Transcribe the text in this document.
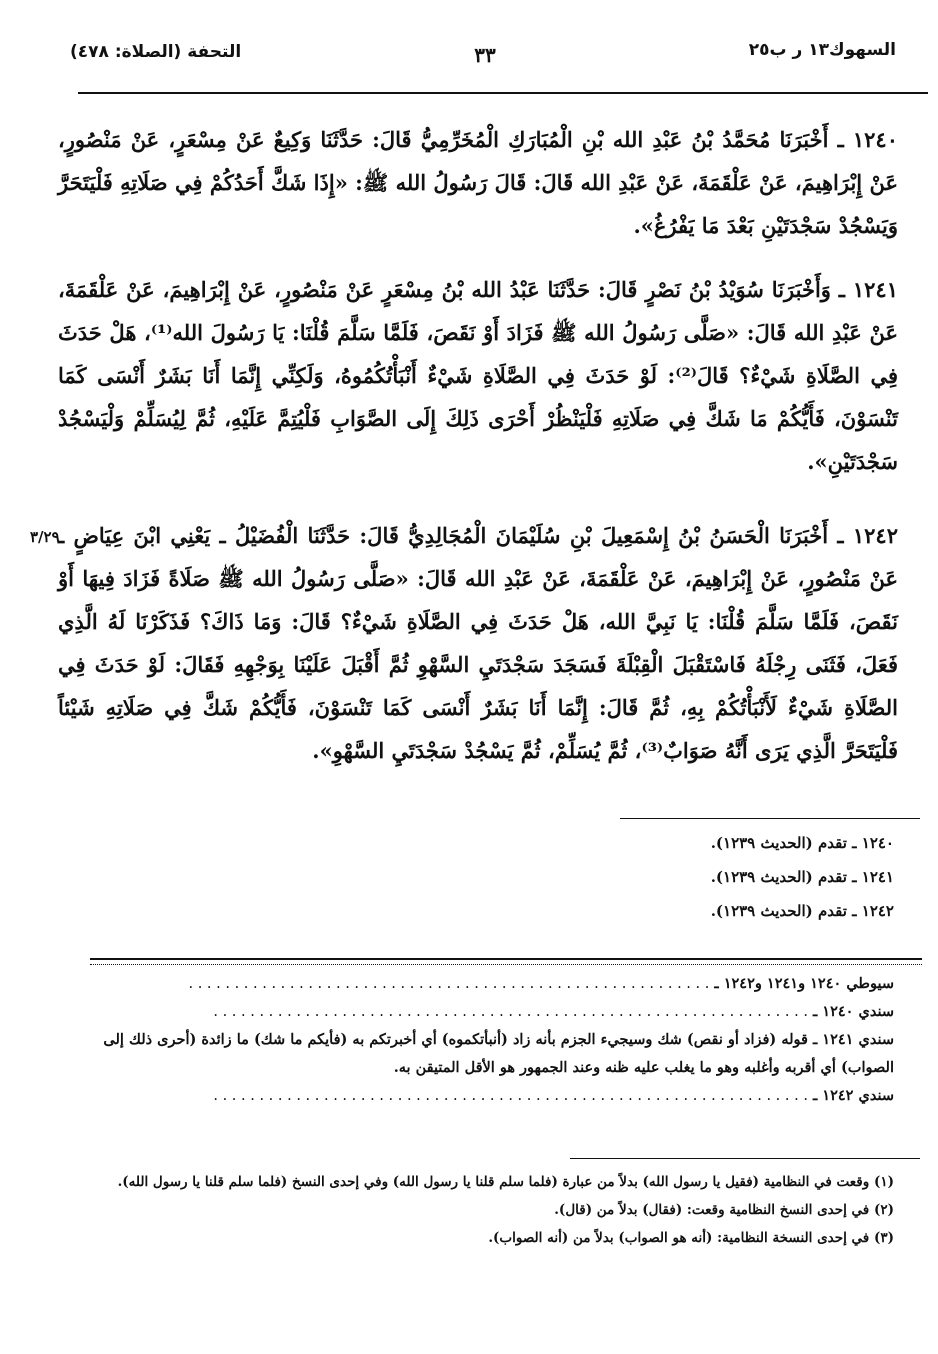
السهوك١٣ ر ب٢٥
٣٣
التحفة (الصلاة: ٤٧٨)
١٢٤٠ ـ أَخْبَرَنَا مُحَمَّدُ بْنُ عَبْدِ الله بْنِ الْمُبَارَكِ الْمُخَرِّمِيُّ قَالَ: حَدَّثَنَا وَكِيعٌ عَنْ مِسْعَرٍ، عَنْ مَنْصُورٍ، عَنْ إِبْرَاهِيمَ، عَنْ عَلْقَمَةَ، عَنْ عَبْدِ الله قَالَ: قَالَ رَسُولُ الله ﷺ: «إِذَا شَكَّ أَحَدُكُمْ فِي صَلَاتِهِ فَلْيَتَحَرَّ وَيَسْجُدْ سَجْدَتَيْنِ بَعْدَ مَا يَفْرُغُ».
١٢٤١ ـ وَأَخْبَرَنَا سُوَيْدُ بْنُ نَصْرٍ قَالَ: حَدَّثَنَا عَبْدُ الله بْنُ مِسْعَرٍ عَنْ مَنْصُورٍ، عَنْ إِبْرَاهِيمَ، عَنْ عَلْقَمَةَ، عَنْ عَبْدِ الله قَالَ: «صَلَّى رَسُولُ الله ﷺ فَزَادَ أَوْ نَقَصَ، فَلَمَّا سَلَّمَ قُلْنَا: يَا رَسُولَ الله⁽¹⁾، هَلْ حَدَثَ فِي الصَّلَاةِ شَيْءٌ؟ قَالَ⁽²⁾: لَوْ حَدَثَ فِي الصَّلَاةِ شَيْءٌ أَنْبَأْتُكُمُوهُ، وَلَكِنِّي إِنَّمَا أَنَا بَشَرٌ أَنْسَى كَمَا تَنْسَوْنَ، فَأَيُّكُمْ مَا شَكَّ فِي صَلَاتِهِ فَلْيَنْظُرْ أَحْرَى ذَلِكَ إِلَى الصَّوَابِ فَلْيُتِمَّ عَلَيْهِ، ثُمَّ لِيُسَلِّمْ وَلْيَسْجُدْ سَجْدَتَيْنِ».
٣/٢٩	١٢٤٢ ـ أَخْبَرَنَا الْحَسَنُ بْنُ إِسْمَعِيلَ بْنِ سُلَيْمَانَ الْمُجَالِدِيُّ قَالَ: حَدَّثَنَا الْفُضَيْلُ ـ يَعْنِي ابْنَ عِيَاضٍ ـ عَنْ مَنْصُورٍ، عَنْ إِبْرَاهِيمَ، عَنْ عَلْقَمَةَ، عَنْ عَبْدِ الله قَالَ: «صَلَّى رَسُولُ الله ﷺ صَلَاةً فَزَادَ فِيهَا أَوْ نَقَصَ، فَلَمَّا سَلَّمَ قُلْنَا: يَا نَبِيَّ الله، هَلْ حَدَثَ فِي الصَّلَاةِ شَيْءٌ؟ قَالَ: وَمَا ذَاكَ؟ فَذَكَرْنَا لَهُ الَّذِي فَعَلَ، فَثَنَى رِجْلَهُ فَاسْتَقْبَلَ الْقِبْلَةَ فَسَجَدَ سَجْدَتَيِ السَّهْوِ ثُمَّ أَقْبَلَ عَلَيْنَا بِوَجْهِهِ فَقَالَ: لَوْ حَدَثَ فِي الصَّلَاةِ شَيْءٌ لَأَنْبَأْتُكُمْ بِهِ، ثُمَّ قَالَ: إِنَّمَا أَنَا بَشَرٌ أَنْسَى كَمَا تَنْسَوْنَ، فَأَيُّكُمْ شَكَّ فِي صَلَاتِهِ شَيْئاً فَلْيَتَحَرَّ الَّذِي يَرَى أَنَّهُ صَوَابٌ⁽³⁾، ثُمَّ يُسَلِّمْ، ثُمَّ يَسْجُدْ سَجْدَتَيِ السَّهْوِ».
١٢٤٠ ـ تقدم (الحديث ١٢٣٩).
١٢٤١ ـ تقدم (الحديث ١٢٣٩).
١٢٤٢ ـ تقدم (الحديث ١٢٣٩).
سيوطي ١٢٤٠ و١٢٤١ و١٢٤٢ ـ . . . . . . . . . . . . . . . . . . . . . . . . . . . . . . . . . . . . . . . . . . . . . . . . . . . . . . . . .
سندي ١٢٤٠ ـ . . . . . . . . . . . . . . . . . . . . . . . . . . . . . . . . . . . . . . . . . . . . . . . . . . . . . . . . . . . . . . . . .
سندي ١٢٤١ ـ قوله (فزاد أو نقص) شك وسيجيء الجزم بأنه زاد (أنبأتكموه) أي أخبرتكم به (فأيكم ما شك) ما زائدة (أحرى ذلك إلى الصواب) أي أقربه وأغلبه وهو ما يغلب عليه ظنه وعند الجمهور هو الأقل المتيقن به.
سندي ١٢٤٢ ـ . . . . . . . . . . . . . . . . . . . . . . . . . . . . . . . . . . . . . . . . . . . . . . . . . . . . . . . . . . . . . . . . .
(١) وقعت في النظامية (فقيل يا رسول الله) بدلاً من عبارة (فلما سلم قلنا يا رسول الله) وفي إحدى النسخ (فلما سلم قلنا يا رسول الله).
(٢) في إحدى النسخ النظامية وقعت: (فقال) بدلاً من (قال).
(٣) في إحدى النسخة النظامية: (أنه هو الصواب) بدلاً من (أنه الصواب).
